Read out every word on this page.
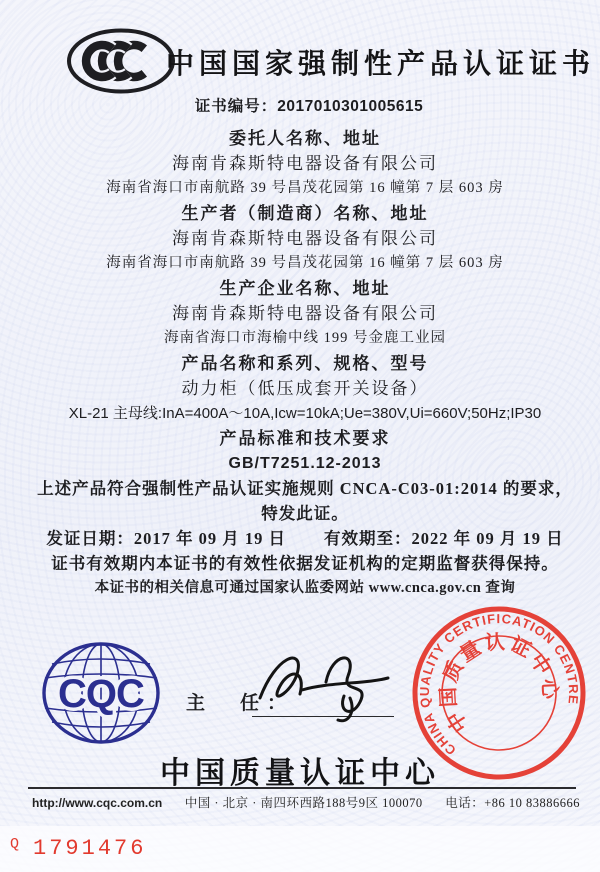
中国国家强制性产品认证证书
证书编号：2017010301005615
委托人名称、地址
海南肯森斯特电器设备有限公司
海南省海口市南航路 39 号昌茂花园第 16 幢第 7 层 603 房
生产者（制造商）名称、地址
海南肯森斯特电器设备有限公司
海南省海口市南航路 39 号昌茂花园第 16 幢第 7 层 603 房
生产企业名称、地址
海南肯森斯特电器设备有限公司
海南省海口市海榆中线 199 号金鹿工业园
产品名称和系列、规格、型号
动力柜（低压成套开关设备）
XL-21 主母线:InA=400A～10A,Icw=10kA;Ue=380V,Ui=660V;50Hz;IP30
产品标准和技术要求
GB/T7251.12-2013
上述产品符合强制性产品认证实施规则 CNCA-C03-01:2014 的要求，
特发此证。
发证日期：2017 年 09 月 19 日 有效期至：2022 年 09 月 19 日
证书有效期内本证书的有效性依据发证机构的定期监督获得保持。
本证书的相关信息可通过国家认监委网站 www.cnca.gov.cn 查询
CQC 主　任：
CHINA QUALITY CERTIFICATION CENTRE
中国质量认证中心
中国质量认证中心
http://www.cqc.com.cn 中国 · 北京 · 南四环西路188号9区 100070 电话：+86 10 83886666
Q 1791476
